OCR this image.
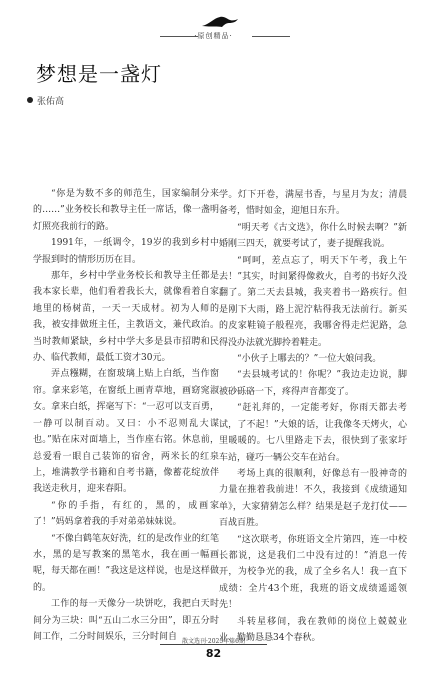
·原创精品·
梦想是一盏灯
张佑高

“你是为数不多的师范生，国家编制分来的……”业务校长和教导主任一席话，像一盏明灯照亮我前行的路。

1991年，一纸调令，19岁的我到乡村中学报到时的情形历历在目。

那年，乡村中学业务校长和教导主任都是我本家长辈，他们看着我长大，就像看着自家地里的杨树苗，一天一天成材。初为人师的我，被安排做班主任，主教语文，兼代政治。当时教师紧缺，乡村中学大多是县市招聘和民办、临代教师，最低工资才30元。

弄点糨糊，在窗玻璃上贴上白纸，当作窗帘。拿来彩笔，在窗纸上画青草地，画窈窕淑女。拿来白纸，挥毫写下：“一忍可以支百勇，一静可以制百动。又曰：小不忍则乱大谋也。”贴在床对面墙上，当作座右铭。休息前，总爱看一眼自己装饰的宿舍，两米长的红泉上，堆满教学书籍和自考书籍，像蓄花绽放伴我送走秋月，迎来春阳。

“你的手指，有红的，黑的，成画家了！”妈妈拿着我的手对弟弟妹妹说。

“不像白鹤笔灰好洗，红的是改作业的红笔水，黑的是写教案的黑笔水，我在画一幅画呢，每天都在画！”我这是这样说，也是这样做的。

工作的每一天像分一块饼吃，我把白天时间分为三块：叫“五山二水三分田”，即五分时间工作，二分时间娱乐，三分时间自

学。灯下开卷，满屋书香，与星月为友；清晨备考，惜时如金，迎旭日东升。

“明天考《古文选》，你什么时候去啊？”新婚刚三四天，就要考试了，妻子提醒我说。

“呵呵，差点忘了，明天下午考，我上午去！”其实，时间紧得像救火，自考的书好久没翻了。第二天去县城，我夹着书一路疾行。但是刚下大雨，路上泥泞粘得我无法前行。新买的皮家鞋镜子般程亮，我哪舍得走烂泥路，急得没办法就光脚拎着鞋走。

“小伙子上哪去的？”一位大娘问我。

“去县城考试的！你呢？”我边走边说，脚被砂砾硌一下，疼得声音都变了。

“赶礼拜的，一定能考好，你雨天都去考试，了不起！”大娘的话，让我像冬天烤火，心里暖暖的。七八里路走下去，很快到了张家圩车站，碰巧一辆公交车在站台。

考场上真的很顺利，好像总有一股神奇的力量在推着我前进！不久，我接到《成绩通知单》，大家猜猜怎么样？结果是赵子龙打仗——百战百胜。

“这次联考，你班语文全片第四，连一中校长都说，这是我们二中没有过的！”消息一传开，为校争光的我，成了全乡名人！我一直下成绩：全片43个班，我班的语文成绩遥遥领先！

斗转星移间，我在教师的岗位上兢兢业业、勤勤恳恳34个春秋。

散文选刊·2025年第6期
82
